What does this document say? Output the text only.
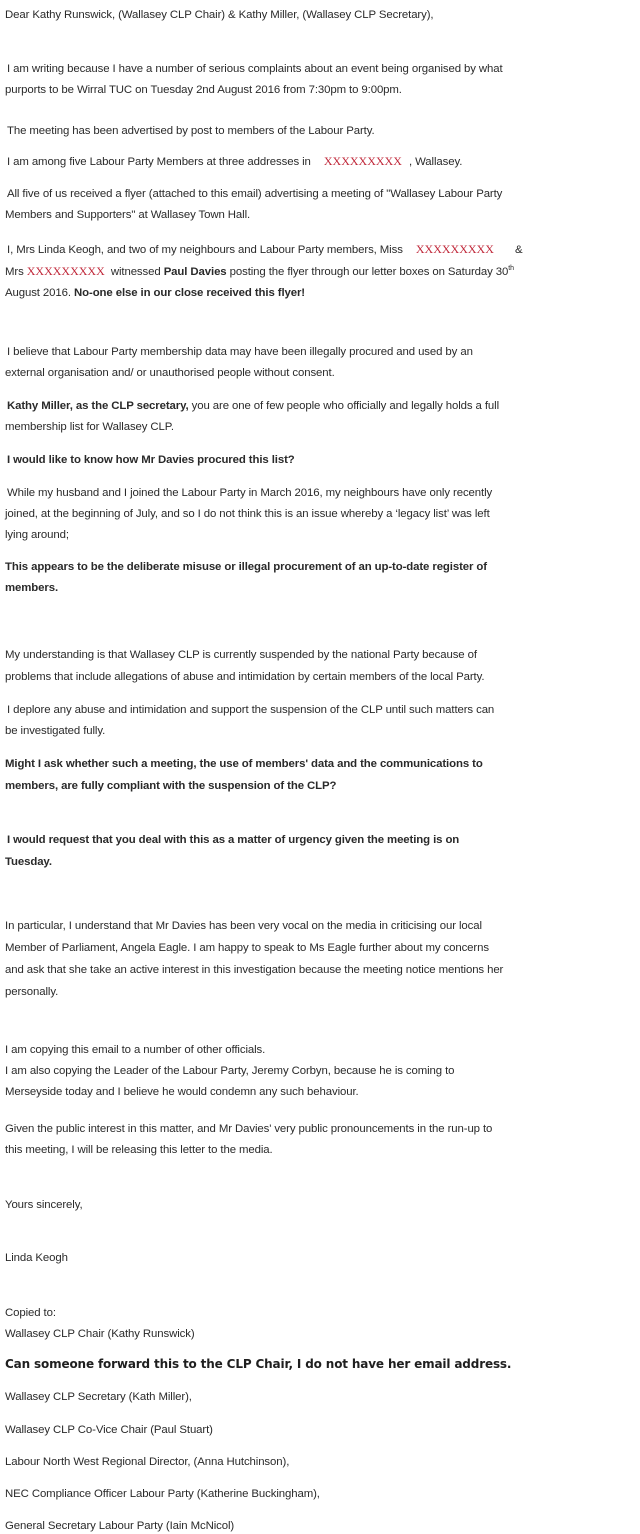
Dear Kathy Runswick, (Wallasey CLP Chair) & Kathy Miller, (Wallasey CLP Secretary),
I am writing because I have a number of serious complaints about an event being organised by what
purports to be Wirral TUC on Tuesday 2nd August 2016 from 7:30pm to 9:00pm.
The meeting has been advertised by post to members of the Labour Party.
I am among five Labour Party Members at three addresses in XXXXXXXXX , Wallasey.
All five of us received a flyer (attached to this email) advertising a meeting of "Wallasey Labour Party
Members and Supporters" at Wallasey Town Hall.
I, Mrs Linda Keogh, and two of my neighbours and Labour Party members, Miss XXXXXXXXX &
Mrs XXXXXXXXX witnessed Paul Davies posting the flyer through our letter boxes on Saturday 30th
August 2016. No-one else in our close received this flyer!
I believe that Labour Party membership data may have been illegally procured and used by an
external organisation and/ or unauthorised people without consent.
Kathy Miller, as the CLP secretary, you are one of few people who officially and legally holds a full
membership list for Wallasey CLP.
I would like to know how Mr Davies procured this list?
While my husband and I joined the Labour Party in March 2016, my neighbours have only recently
joined, at the beginning of July, and so I do not think this is an issue whereby a ‘legacy list’ was left
lying around;
This appears to be the deliberate misuse or illegal procurement of an up-to-date register of
members.
My understanding is that Wallasey CLP is currently suspended by the national Party because of
problems that include allegations of abuse and intimidation by certain members of the local Party.
I deplore any abuse and intimidation and support the suspension of the CLP until such matters can
be investigated fully.
Might I ask whether such a meeting, the use of members' data and the communications to
members, are fully compliant with the suspension of the CLP?
I would request that you deal with this as a matter of urgency given the meeting is on
Tuesday.
In particular, I understand that Mr Davies has been very vocal on the media in criticising our local
Member of Parliament, Angela Eagle. I am happy to speak to Ms Eagle further about my concerns
and ask that she take an active interest in this investigation because the meeting notice mentions her
personally.
I am copying this email to a number of other officials.
I am also copying the Leader of the Labour Party, Jeremy Corbyn, because he is coming to
Merseyside today and I believe he would condemn any such behaviour.
Given the public interest in this matter, and Mr Davies' very public pronouncements in the run-up to
this meeting, I will be releasing this letter to the media.
Yours sincerely,
Linda Keogh
Copied to:
Wallasey CLP Chair (Kathy Runswick)
Can someone forward this to the CLP Chair, I do not have her email address.
Wallasey CLP Secretary (Kath Miller),
Wallasey CLP Co-Vice Chair (Paul Stuart)
Labour North West Regional Director, (Anna Hutchinson),
NEC Compliance Officer Labour Party (Katherine Buckingham),
General Secretary Labour Party (Iain McNicol)
